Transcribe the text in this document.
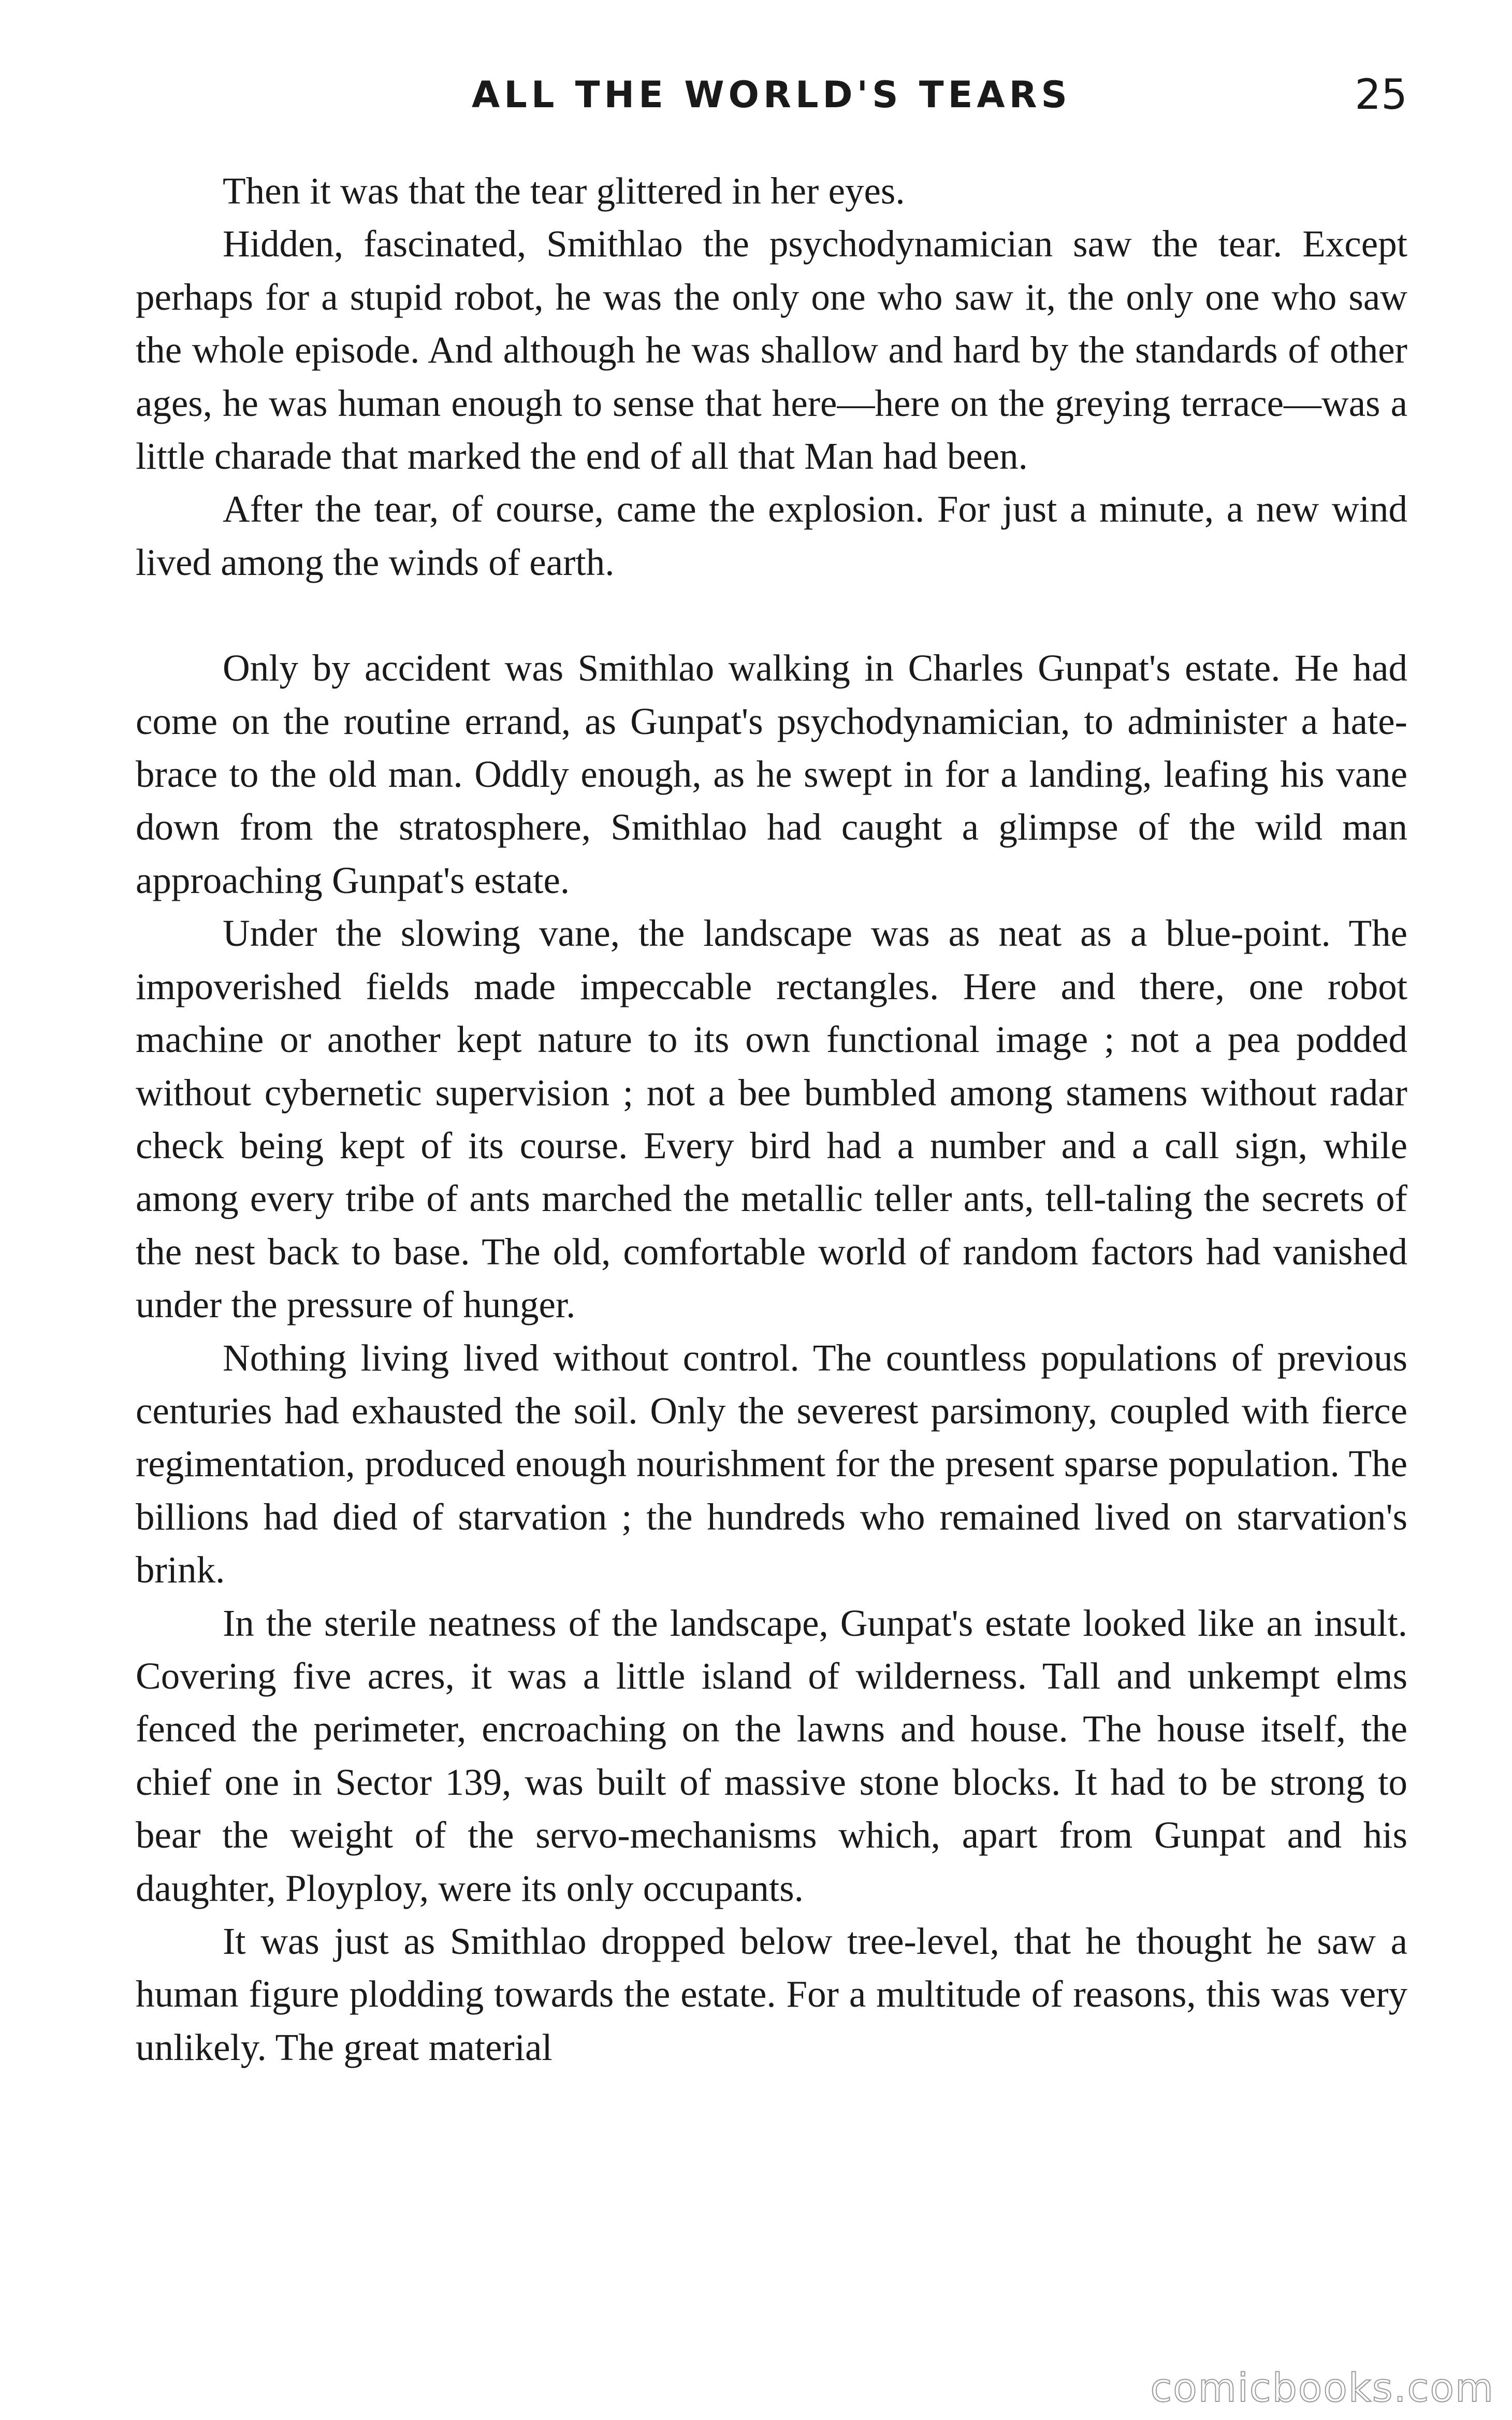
ALL THE WORLD'S TEARS	25

Then it was that the tear glittered in her eyes.

Hidden, fascinated, Smithlao the psychodynamician saw the tear. Except perhaps for a stupid robot, he was the only one who saw it, the only one who saw the whole episode. And although he was shallow and hard by the standards of other ages, he was human enough to sense that here—here on the greying terrace—was a little charade that marked the end of all that Man had been.

After the tear, of course, came the explosion. For just a minute, a new wind lived among the winds of earth.

Only by accident was Smithlao walking in Charles Gunpat's estate. He had come on the routine errand, as Gunpat's psychodynamician, to administer a hate-brace to the old man. Oddly enough, as he swept in for a landing, leafing his vane down from the stratosphere, Smithlao had caught a glimpse of the wild man approaching Gunpat's estate.

Under the slowing vane, the landscape was as neat as a blue-point. The impoverished fields made impeccable rectangles. Here and there, one robot machine or another kept nature to its own functional image ; not a pea podded without cybernetic supervision ; not a bee bumbled among stamens without radar check being kept of its course. Every bird had a number and a call sign, while among every tribe of ants marched the metallic teller ants, tell-taling the secrets of the nest back to base. The old, comfortable world of random factors had vanished under the pressure of hunger.

Nothing living lived without control. The countless populations of previous centuries had exhausted the soil. Only the severest parsimony, coupled with fierce regimentation, produced enough nourishment for the present sparse population. The billions had died of starvation ; the hundreds who remained lived on starvation's brink.

In the sterile neatness of the landscape, Gunpat's estate looked like an insult. Covering five acres, it was a little island of wilderness. Tall and unkempt elms fenced the perimeter, encroaching on the lawns and house. The house itself, the chief one in Sector 139, was built of massive stone blocks. It had to be strong to bear the weight of the servo-mechanisms which, apart from Gunpat and his daughter, Ployploy, were its only occupants.

It was just as Smithlao dropped below tree-level, that he thought he saw a human figure plodding towards the estate. For a multitude of reasons, this was very unlikely. The great material

comicbooks.com
